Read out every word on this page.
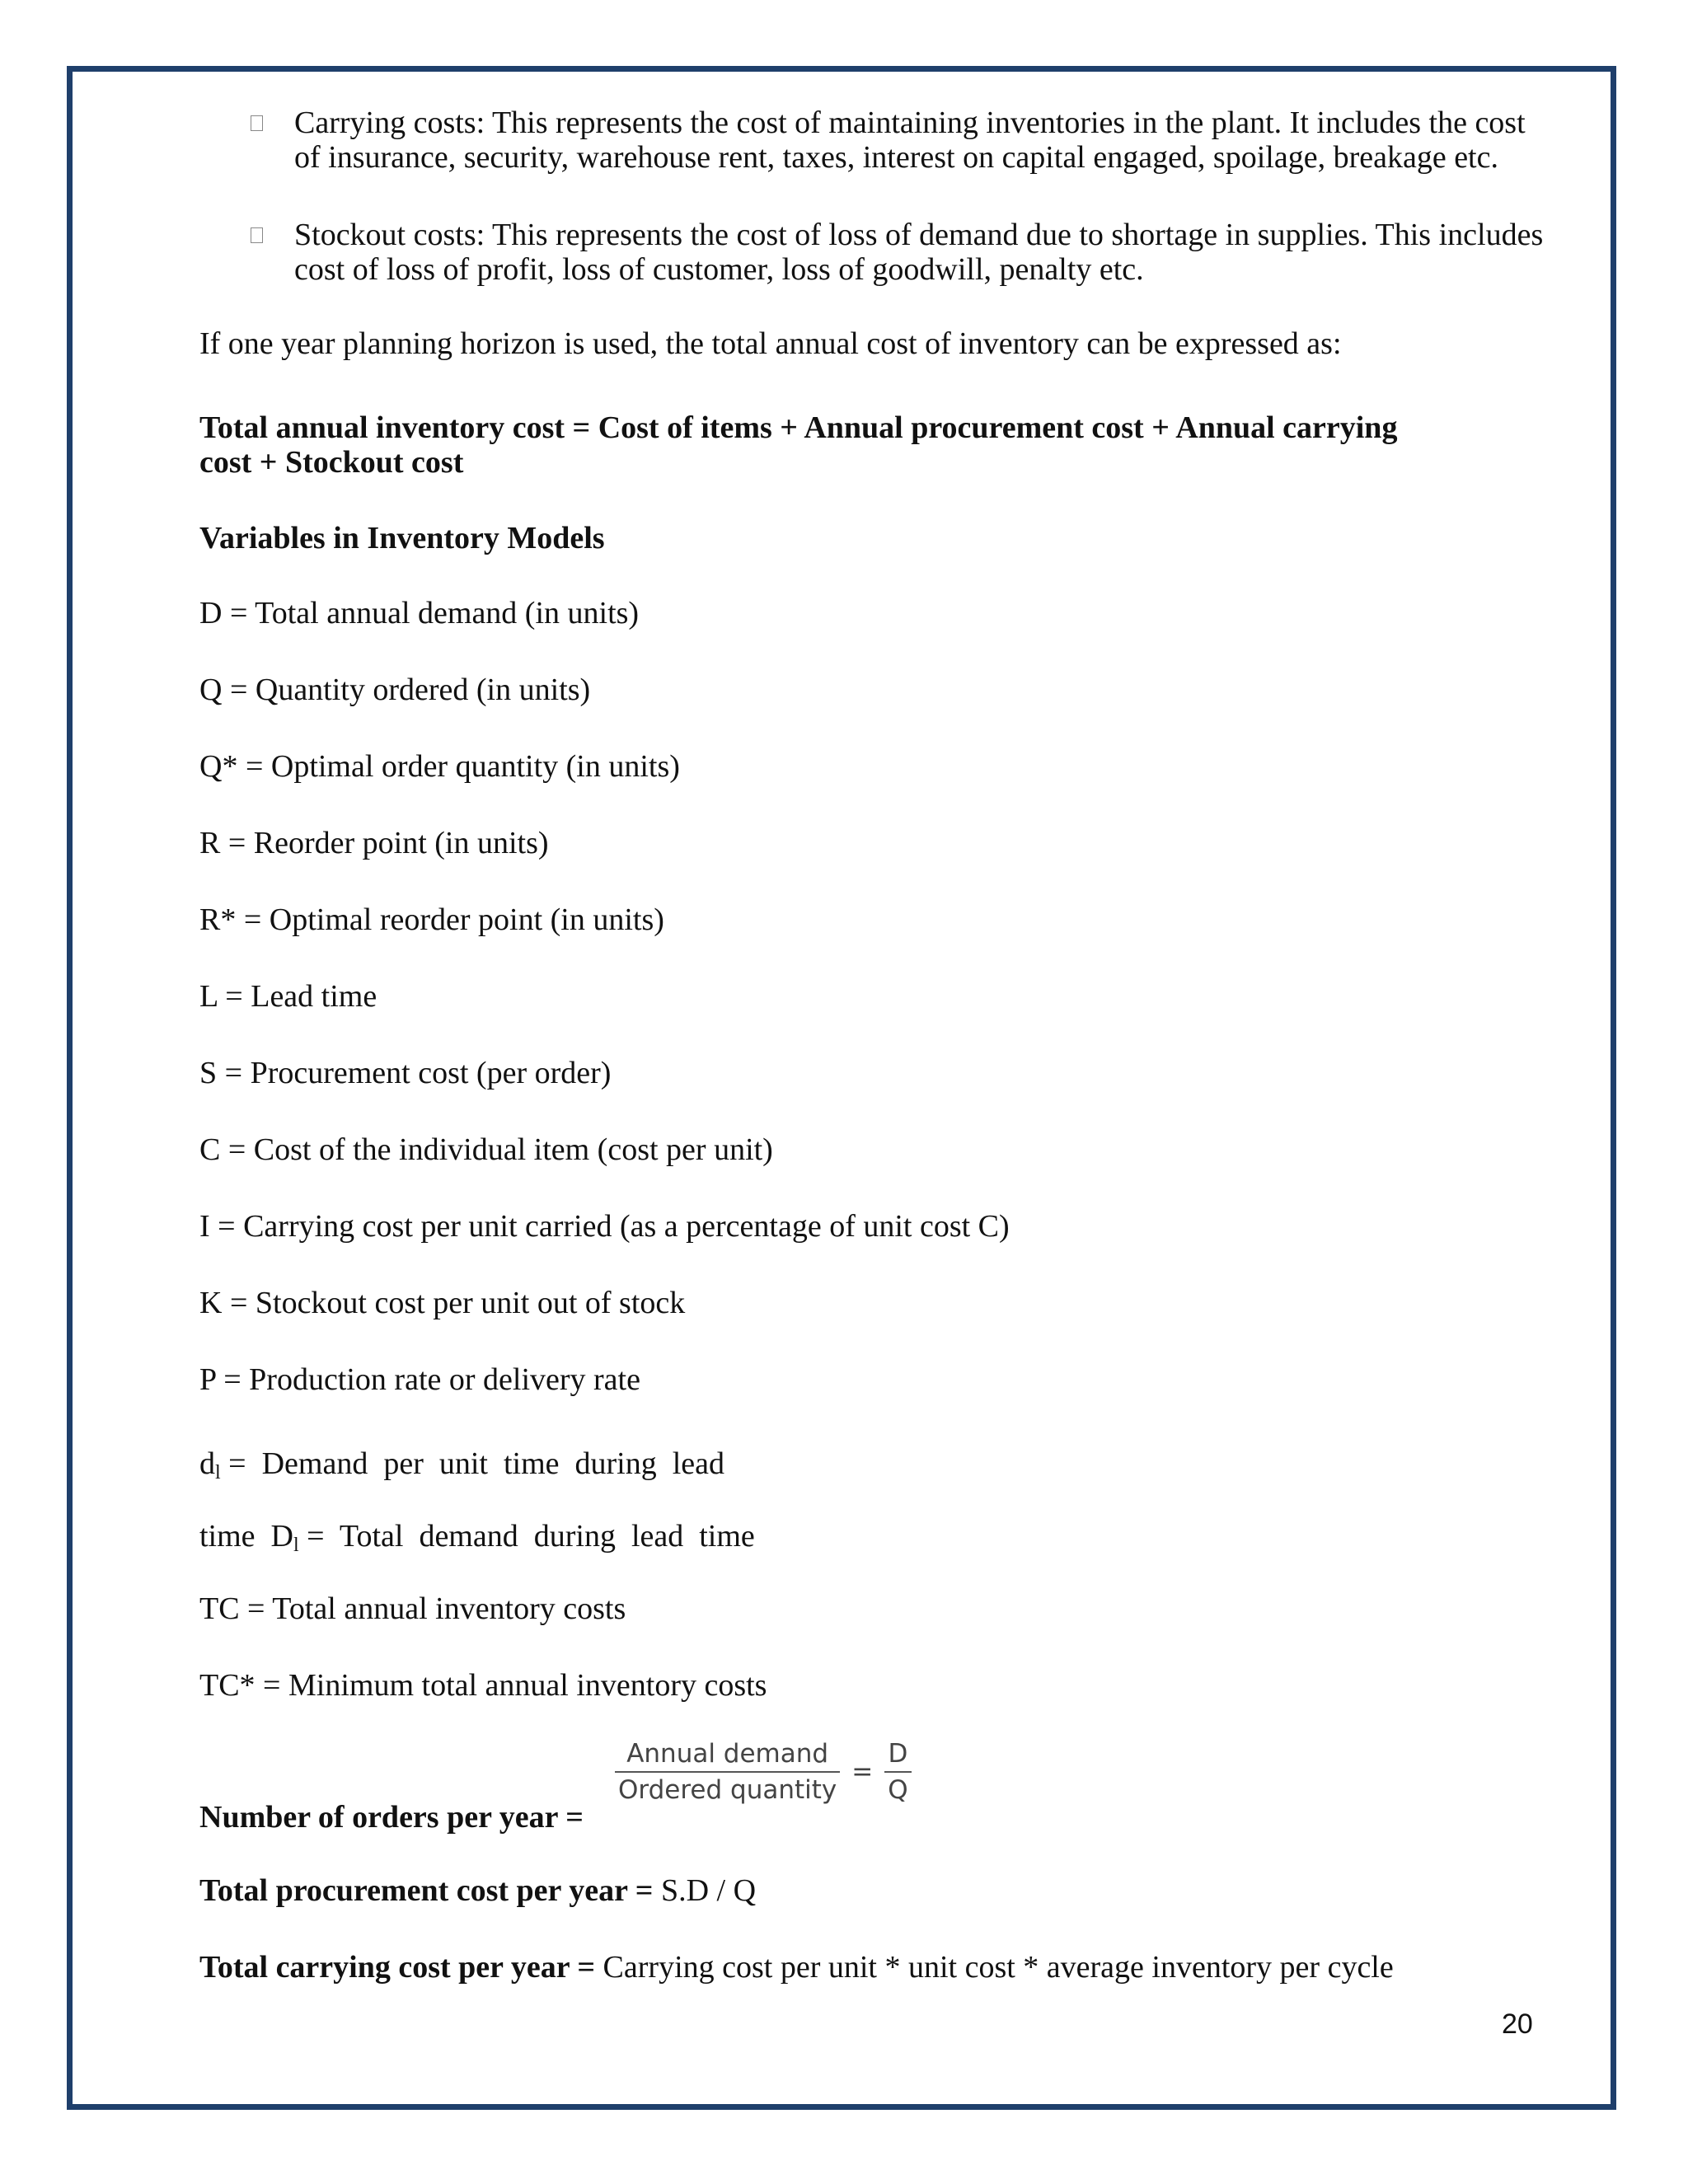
Carrying costs: This represents the cost of maintaining inventories in the plant. It includes the cost of insurance, security, warehouse rent, taxes, interest on capital engaged, spoilage, breakage etc.
Stockout costs: This represents the cost of loss of demand due to shortage in supplies. This includes cost of loss of profit, loss of customer, loss of goodwill, penalty etc.
If one year planning horizon is used, the total annual cost of inventory can be expressed as:
Total annual inventory cost = Cost of items + Annual procurement cost + Annual carrying
cost + Stockout cost
Variables in Inventory Models
D = Total annual demand (in units)
Q = Quantity ordered (in units)
Q* = Optimal order quantity (in units)
R = Reorder point (in units)
R* = Optimal reorder point (in units)
L = Lead time
S = Procurement cost (per order)
C = Cost of the individual item (cost per unit)
I = Carrying cost per unit carried (as a percentage of unit cost C)
K = Stockout cost per unit out of stock
P = Production rate or delivery rate
$d_l$ =  Demand  per  unit  time  during  lead
time  $D_l$ =  Total  demand  during  lead  time
TC = Total annual inventory costs
TC* = Minimum total annual inventory costs
Number of orders per year =
$\frac{\text{Annual demand}}{\text{Ordered quantity}} = \frac{D}{Q}$
Total procurement cost per year = S.D / Q
Total carrying cost per year = Carrying cost per unit * unit cost * average inventory per cycle
20
